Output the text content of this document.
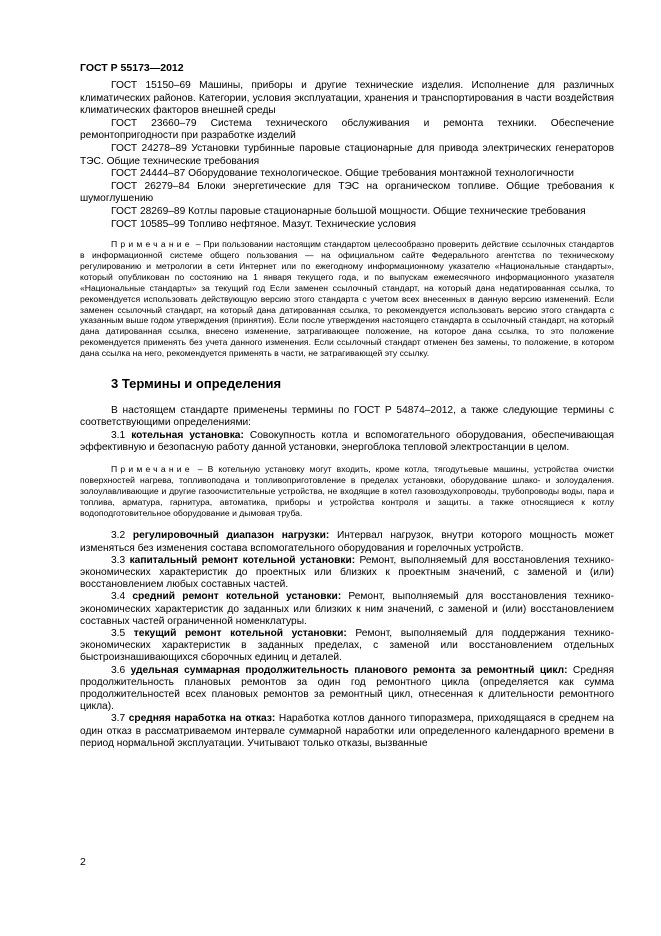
ГОСТ Р 55173—2012

ГОСТ 15150–69 Машины, приборы и другие технические изделия. Исполнение для различных климатических районов. Категории, условия эксплуатации, хранения и транспортирования в части воздействия климатических факторов внешней среды

ГОСТ 23660–79 Система технического обслуживания и ремонта техники. Обеспечение ремонтопригодности при разработке изделий

ГОСТ 24278–89 Установки турбинные паровые стационарные для привода электрических генераторов ТЭС. Общие технические требования

ГОСТ 24444–87 Оборудование технологическое. Общие требования монтажной технологичности

ГОСТ 26279–84 Блоки энергетические для ТЭС на органическом топливе. Общие требования к шумоглушению

ГОСТ 28269–89 Котлы паровые стационарные большой мощности. Общие технические требования

ГОСТ 10585–99 Топливо нефтяное. Мазут. Технические условия

Примечание – При пользовании настоящим стандартом целесообразно проверить действие ссылочных стандартов в информационной системе общего пользования — на официальном сайте Федерального агентства по техническому регулированию и метрологии в сети Интернет или по ежегодному информационному указателю «Национальные стандарты», который опубликован по состоянию на 1 января текущего года, и по выпускам ежемесячного информационного указателя «Национальные стандарты» за текущий год Если заменен ссылочный стандарт, на который дана недатированная ссылка, то рекомендуется использовать действующую версию этого стандарта с учетом всех внесенных в данную версию изменений. Если заменен ссылочный стандарт, на который дана датированная ссылка, то рекомендуется использовать версию этого стандарта с указанным выше годом утверждения (принятия). Если после утверждения настоящего стандарта в ссылочный стандарт, на который дана датированная ссылка, внесено изменение, затрагивающее положение, на которое дана ссылка, то это положение рекомендуется применять без учета данного изменения. Если ссылочный стандарт отменен без замены, то положение, в котором дана ссылка на него, рекомендуется применять в части, не затрагивающей эту ссылку.

3 Термины и определения

В настоящем стандарте применены термины по ГОСТ Р 54874–2012, а также следующие термины с соответствующими определениями:

3.1 котельная установка: Совокупность котла и вспомогательного оборудования, обеспечивающая эффективную и безопасную работу данной установки, энергоблока тепловой электростанции в целом.

Примечание – В котельную установку могут входить, кроме котла, тягодутьевые машины, устройства очистки поверхностей нагрева, топливоподача и топливоприготовление в пределах установки, оборудование шлако- и золоудаления. золоулавливающие и другие газоочистительные устройства, не входящие в котел газовоздухопроводы, трубопроводы воды, пара и топлива, арматура, гарнитура, автоматика, приборы и устройства контроля и защиты. а также относящиеся к котлу водоподготовительное оборудование и дымовая труба.

3.2 регулировочный диапазон нагрузки: Интервал нагрузок, внутри которого мощность может изменяться без изменения состава вспомогательного оборудования и горелочных устройств.

3.3 капитальный ремонт котельной установки: Ремонт, выполняемый для восстановления технико-экономических характеристик до проектных или близких к проектным значений, с заменой и (или) восстановлением любых составных частей.

3.4 средний ремонт котельной установки: Ремонт, выполняемый для восстановления технико-экономических характеристик до заданных или близких к ним значений, с заменой и (или) восстановлением составных частей ограниченной номенклатуры.

3.5 текущий ремонт котельной установки: Ремонт, выполняемый для поддержания технико-экономических характеристик в заданных пределах, с заменой или восстановлением отдельных быстроизнашивающихся сборочных единиц и деталей.

3.6 удельная суммарная продолжительность планового ремонта за ремонтный цикл: Средняя продолжительность плановых ремонтов за один год ремонтного цикла (определяется как сумма продолжительностей всех плановых ремонтов за ремонтный цикл, отнесенная к длительности ремонтного цикла).

3.7 средняя наработка на отказ: Наработка котлов данного типоразмера, приходящаяся в среднем на один отказ в рассматриваемом интервале суммарной наработки или определенного календарного времени в период нормальной эксплуатации. Учитывают только отказы, вызванные

2
